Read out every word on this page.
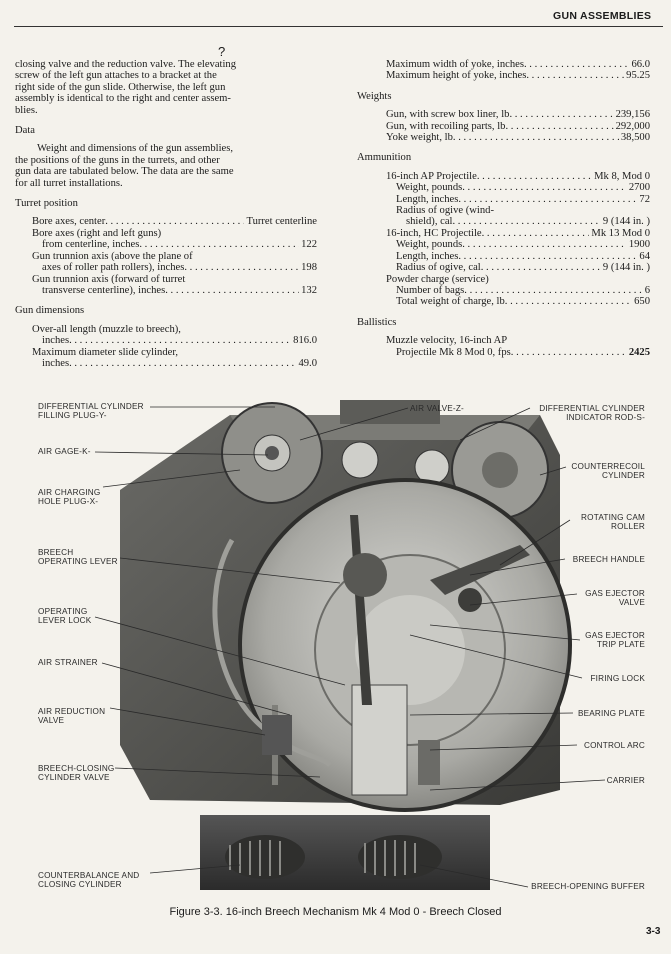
GUN ASSEMBLIES
?

closing valve and the reduction valve. The elevating

screw of the left gun attaches to a bracket at the

right side of the gun slide. Otherwise, the left gun

assembly is identical to the right and center assem-

blies.

Data

Weight and dimensions of the gun assemblies,

the positions of the guns in the turrets, and other

gun data are tabulated below. The data are the same

for all turret installations.

Turret position

Bore axes, center . . .	Turret centerline
Bore axes (right and left guns)
from centerline, inches . . .	122
Gun trunnion axis (above the plane of
axes of roller path rollers), inches . . .	198
Gun trunnion axis (forward of turret
transverse centerline), inches . . .	132

Gun dimensions

Over-all length (muzzle to breech),
inches . . .	816.0
Maximum diameter slide cylinder,
inches . . .	49.0
Maximum width of yoke, inches . . .	66.0
Maximum height of yoke, inches . . .	95.25

Weights

Gun, with screw box liner, lb . . .	239,156
Gun, with recoiling parts, lb . . .	292,000
Yoke weight, lb . . .	38,500

Ammunition

16-inch AP Projectile . . .	Mk 8, Mod 0
Weight, pounds . . .	2700
Length, inches . . .	72
Radius of ogive (wind-
shield), cal . . .	9 (144 in. )
16-inch, HC Projectile . . .	Mk 13 Mod 0
Weight, pounds . . .	1900
Length, inches . . .	64
Radius of ogive, cal . . .	9 (144 in. )
Powder charge (service)
Number of bags . . .	6
Total weight of charge, lb . . .	650

Ballistics

Muzzle velocity, 16-inch AP
Projectile Mk 8 Mod 0, fps . . .	2425
DIFFERENTIAL CYLINDER
FILLING PLUG-Y-
AIR GAGE-K-
AIR CHARGING
HOLE PLUG-X-
BREECH
OPERATING LEVER
OPERATING
LEVER LOCK
AIR STRAINER
AIR REDUCTION
VALVE
BREECH-CLOSING
CYLINDER VALVE
COUNTERBALANCE AND
CLOSING CYLINDER
AIR VALVE-Z-	DIFFERENTIAL CYLINDER
INDICATOR ROD-S-
COUNTERRECOIL
CYLINDER
ROTATING CAM
ROLLER
BREECH HANDLE
GAS EJECTOR
VALVE
GAS EJECTOR
TRIP PLATE
FIRING LOCK
BEARING PLATE
CONTROL ARC
CARRIER
BREECH-OPENING BUFFER
Figure 3-3. 16-inch Breech Mechanism Mk 4 Mod 0 - Breech Closed
3-3
